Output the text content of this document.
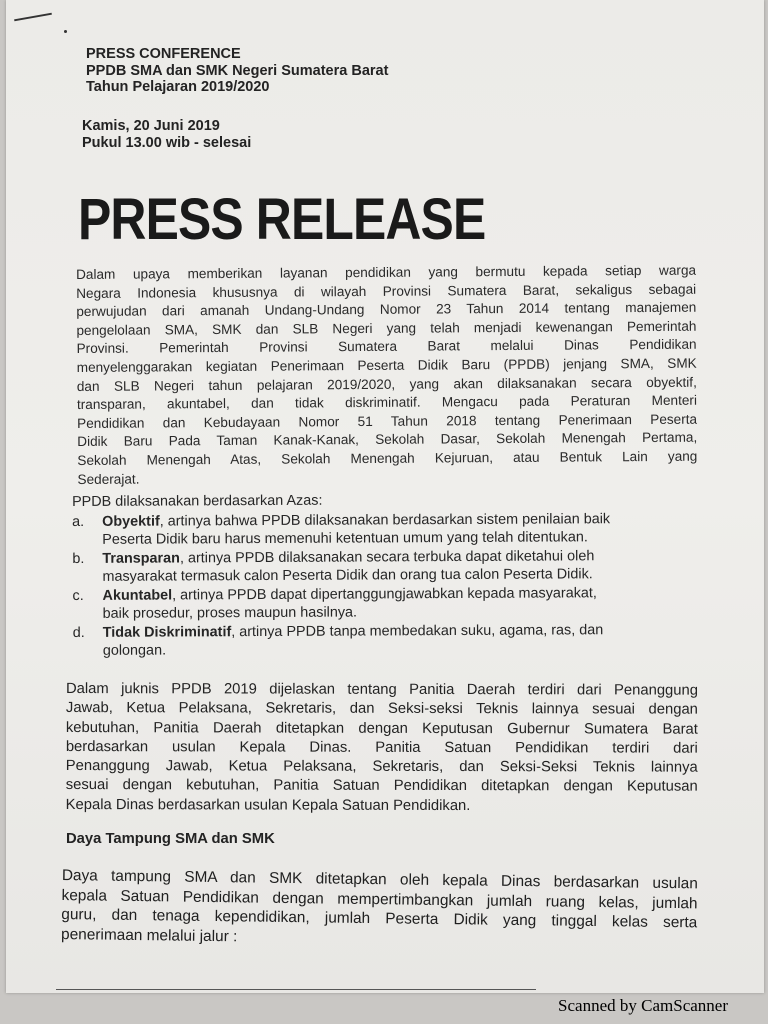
PRESS CONFERENCE
PPDB SMA dan SMK Negeri Sumatera Barat
Tahun Pelajaran 2019/2020
Kamis, 20 Juni 2019
Pukul 13.00 wib - selesai
PRESS RELEASE
Dalam upaya memberikan layanan pendidikan yang bermutu kepada setiap warga
Negara Indonesia khususnya di wilayah Provinsi Sumatera Barat, sekaligus sebagai
perwujudan dari amanah Undang-Undang Nomor 23 Tahun 2014 tentang manajemen
pengelolaan SMA, SMK dan SLB Negeri yang telah menjadi kewenangan Pemerintah
Provinsi. Pemerintah Provinsi Sumatera Barat melalui Dinas Pendidikan
menyelenggarakan kegiatan Penerimaan Peserta Didik Baru (PPDB) jenjang SMA, SMK
dan SLB Negeri tahun pelajaran 2019/2020, yang akan dilaksanakan secara obyektif,
transparan, akuntabel, dan tidak diskriminatif. Mengacu pada Peraturan Menteri
Pendidikan dan Kebudayaan Nomor 51 Tahun 2018 tentang Penerimaan Peserta
Didik Baru Pada Taman Kanak-Kanak, Sekolah Dasar, Sekolah Menengah Pertama,
Sekolah Menengah Atas, Sekolah Menengah Kejuruan, atau Bentuk Lain yang
Sederajat.
PPDB dilaksanakan berdasarkan Azas:
a. Obyektif, artinya bahwa PPDB dilaksanakan berdasarkan sistem penilaian baik
Peserta Didik baru harus memenuhi ketentuan umum yang telah ditentukan.
b. Transparan, artinya PPDB dilaksanakan secara terbuka dapat diketahui oleh
masyarakat termasuk calon Peserta Didik dan orang tua calon Peserta Didik.
c. Akuntabel, artinya PPDB dapat dipertanggungjawabkan kepada masyarakat,
baik prosedur, proses maupun hasilnya.
d. Tidak Diskriminatif, artinya PPDB tanpa membedakan suku, agama, ras, dan
golongan.
Dalam juknis PPDB 2019 dijelaskan tentang Panitia Daerah terdiri dari Penanggung
Jawab, Ketua Pelaksana, Sekretaris, dan Seksi-seksi Teknis lainnya sesuai dengan
kebutuhan, Panitia Daerah ditetapkan dengan Keputusan Gubernur Sumatera Barat
berdasarkan usulan Kepala Dinas. Panitia Satuan Pendidikan terdiri dari
Penanggung Jawab, Ketua Pelaksana, Sekretaris, dan Seksi-Seksi Teknis lainnya
sesuai dengan kebutuhan, Panitia Satuan Pendidikan ditetapkan dengan Keputusan
Kepala Dinas berdasarkan usulan Kepala Satuan Pendidikan.
Daya Tampung SMA dan SMK
Daya tampung SMA dan SMK ditetapkan oleh kepala Dinas berdasarkan usulan
kepala Satuan Pendidikan dengan mempertimbangkan jumlah ruang kelas, jumlah
guru, dan tenaga kependidikan, jumlah Peserta Didik yang tinggal kelas serta
penerimaan melalui jalur :
Scanned by CamScanner
